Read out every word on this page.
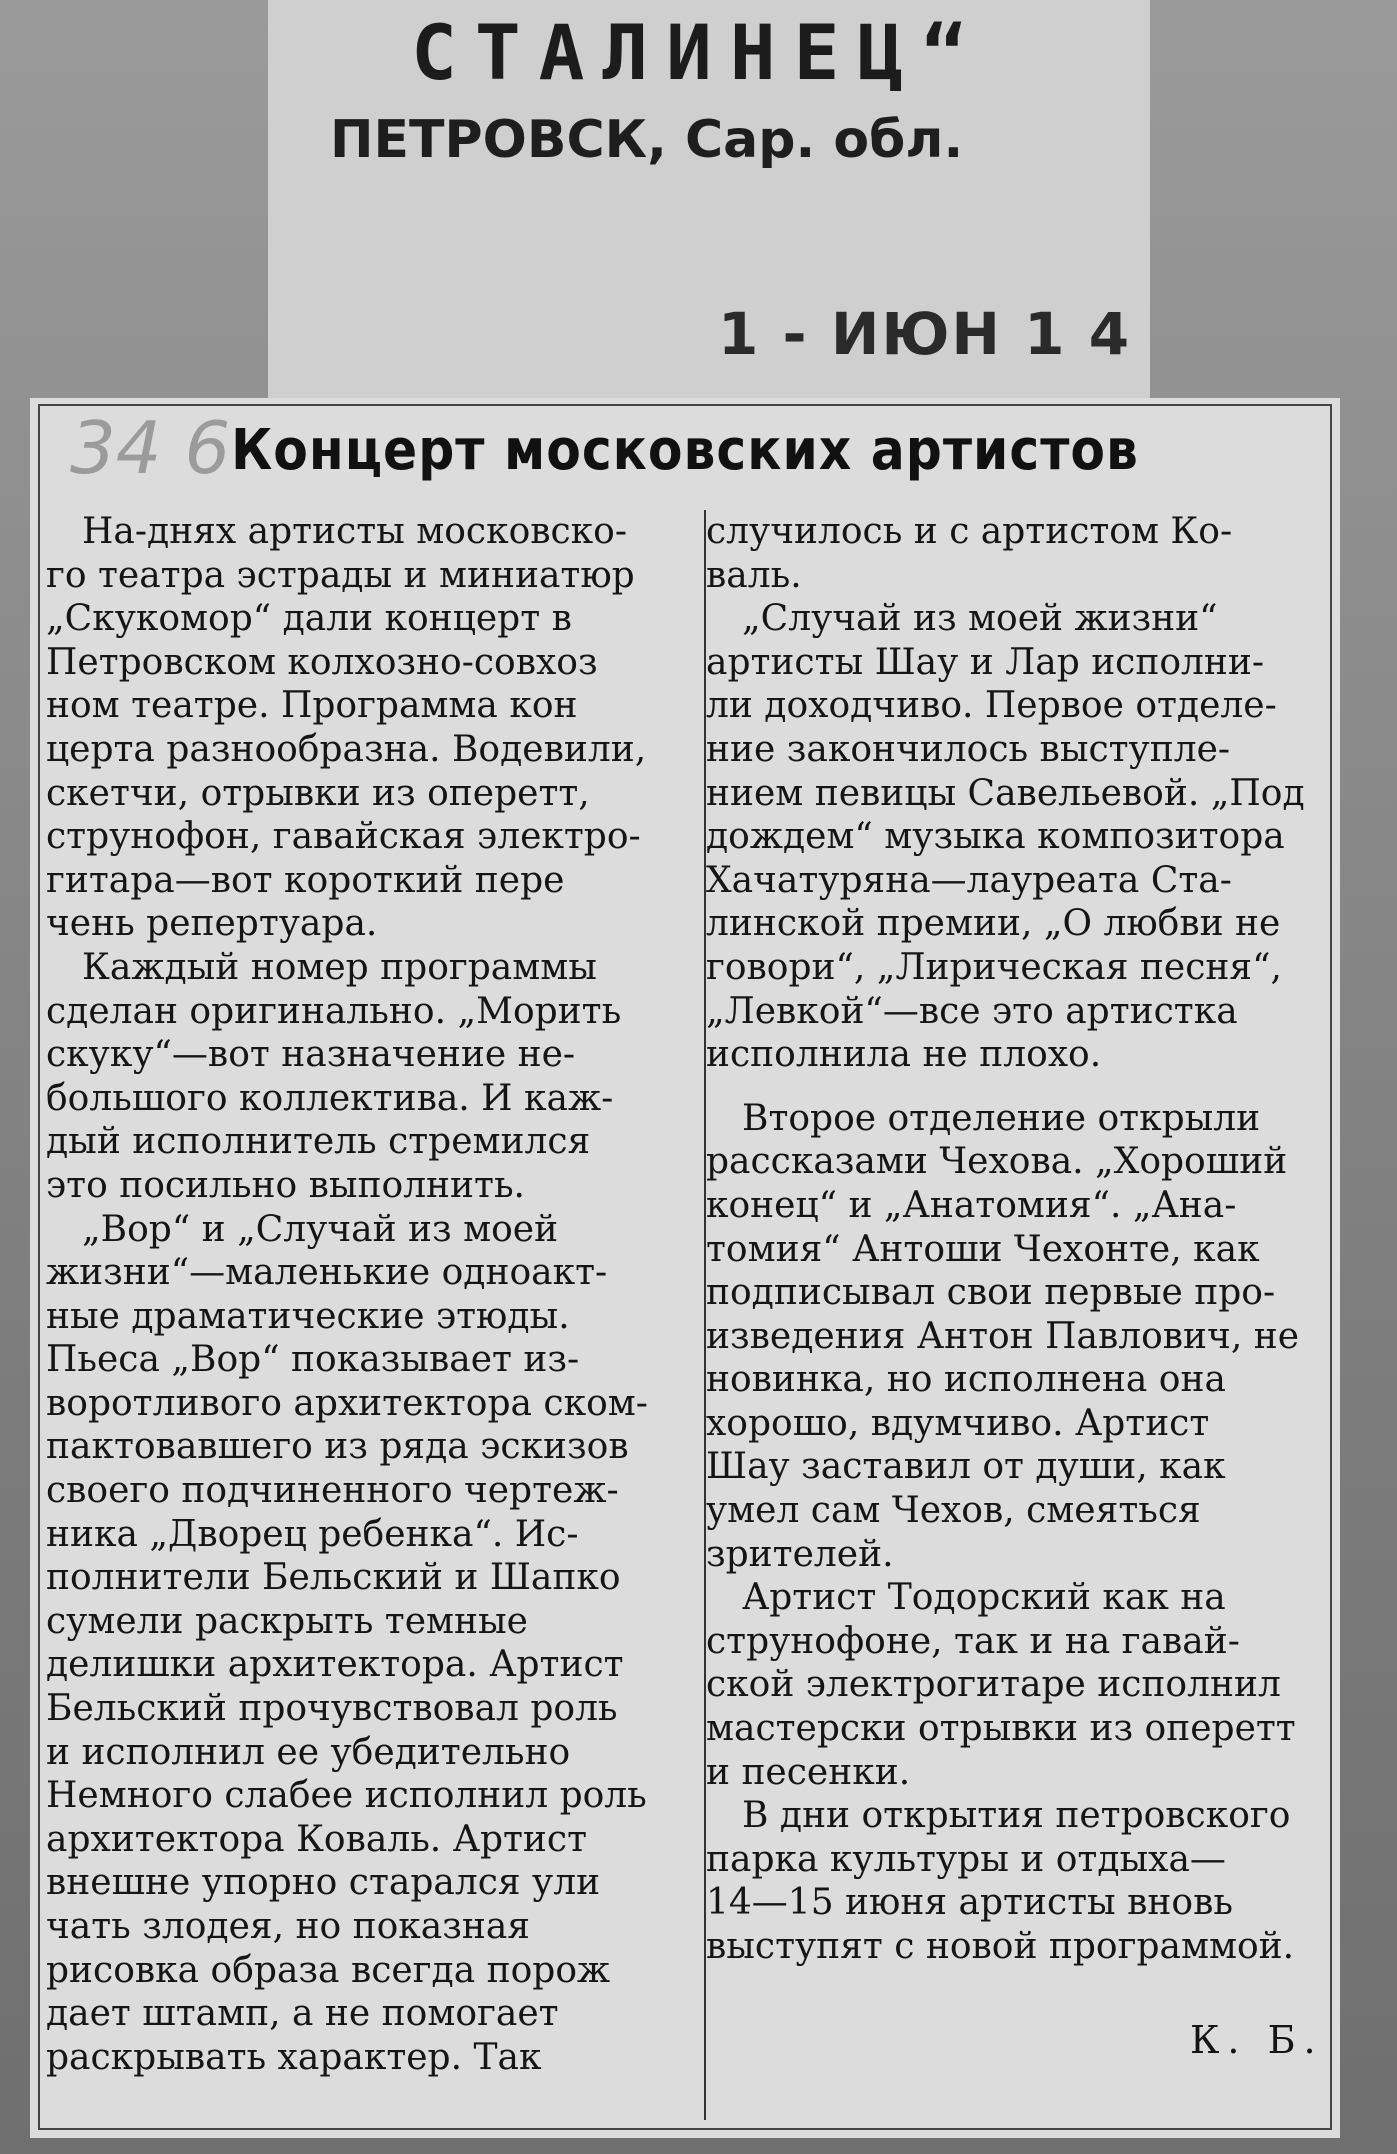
СТАЛИНЕЦ“
ПЕТРОВСК, Сар. обл.
1 - ИЮН 1 4
34 6 Концерт московских артистов
На-днях артисты московско-
го театра эстрады и миниатюр
„Скукомор“ дали концерт в
Петровском колхозно-совхоз
ном театре. Программа кон
церта разнообразна. Водевили,
скетчи, отрывки из оперетт,
струнофон, гавайская электро-
гитара—вот короткий пере
чень репертуара.
Каждый номер программы
сделан оригинально. „Морить
скуку“—вот назначение не-
большого коллектива. И каж-
дый исполнитель стремился
это посильно выполнить.
„Вор“ и „Случай из моей
жизни“—маленькие одноакт-
ные драматические этюды.
Пьеса „Вор“ показывает из-
воротливого архитектора ском-
пактовавшего из ряда эскизов
своего подчиненного чертеж-
ника „Дворец ребенка“. Ис-
полнители Бельский и Шапко
сумели раскрыть темные
делишки архитектора. Артист
Бельский прочувствовал роль
и исполнил ее убедительно
Немного слабее исполнил роль
архитектора Коваль. Артист
внешне упорно старался ули
чать злодея, но показная
рисовка образа всегда порож
дает штамп, а не помогает
раскрывать характер. Так
случилось и с артистом Ко-
валь.
„Случай из моей жизни“
артисты Шау и Лар исполни-
ли доходчиво. Первое отделе-
ние закончилось выступле-
нием певицы Савельевой. „Под
дождем“ музыка композитора
Хачатуряна—лауреата Ста-
линской премии, „О любви не
говори“, „Лирическая песня“,
„Левкой“—все это артистка
исполнила не плохо.
Второе отделение открыли
рассказами Чехова. „Хороший
конец“ и „Анатомия“. „Ана-
томия“ Антоши Чехонте, как
подписывал свои первые про-
изведения Антон Павлович, не
новинка, но исполнена она
хорошо, вдумчиво. Артист
Шау заставил от души, как
умел сам Чехов, смеяться
зрителей.
Артист Тодорский как на
струнофоне, так и на гавай-
ской электрогитаре исполнил
мастерски отрывки из оперетт
и песенки.
В дни открытия петровского
парка культуры и отдыха—
14—15 июня артисты вновь
выступят с новой программой.
К. Б.
